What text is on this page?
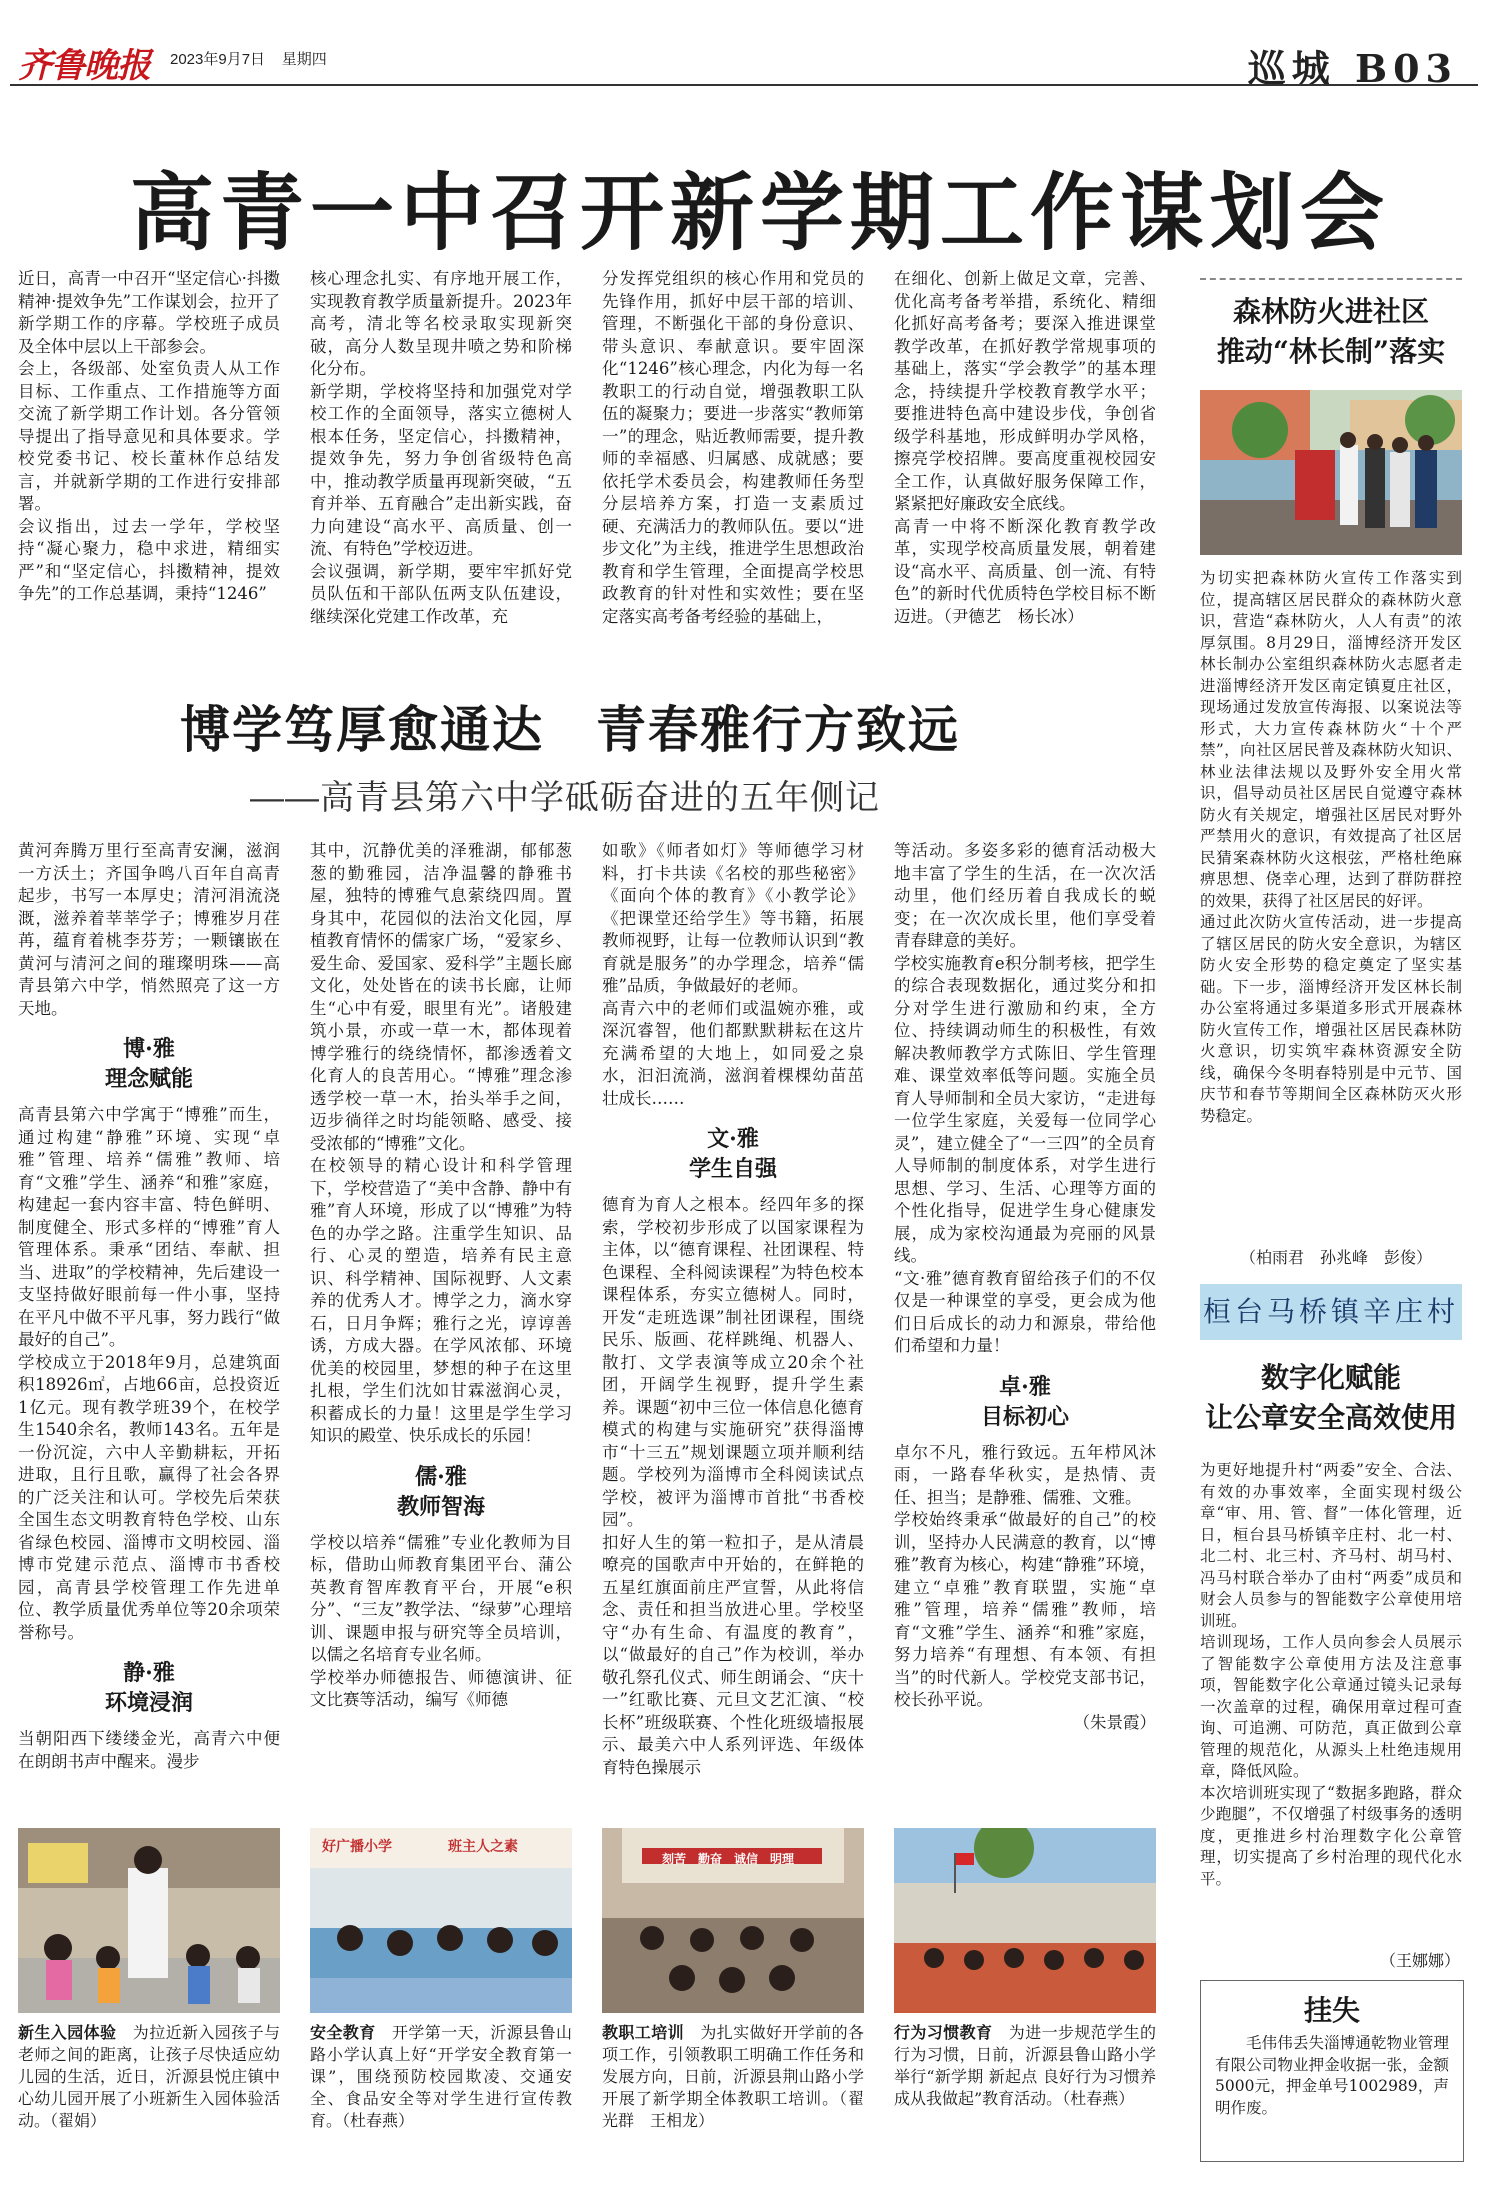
齐鲁晚报 2023年9月7日 星期四	巡城 B03
高青一中召开新学期工作谋划会
近日，高青一中召开“坚定信心·抖擞精神·提效争先”工作谋划会，拉开了新学期工作的序幕。学校班子成员及全体中层以上干部参会。
会上，各级部、处室负责人从工作目标、工作重点、工作措施等方面交流了新学期工作计划。各分管领导提出了指导意见和具体要求。学校党委书记、校长董林作总结发言，并就新学期的工作进行安排部署。
会议指出，过去一学年，学校坚持“凝心聚力，稳中求进，精细实严”和“坚定信心，抖擞精神，提效争先”的工作总基调，秉持“1246”
核心理念扎实、有序地开展工作，实现教育教学质量新提升。2023年高考，清北等名校录取实现新突破，高分人数呈现井喷之势和阶梯化分布。
新学期，学校将坚持和加强党对学校工作的全面领导，落实立德树人根本任务，坚定信心，抖擞精神，提效争先，努力争创省级特色高中，推动教学质量再现新突破，“五育并举、五育融合”走出新实践，奋力向建设“高水平、高质量、创一流、有特色”学校迈进。
会议强调，新学期，要牢牢抓好党员队伍和干部队伍两支队伍建设，继续深化党建工作改革，充
分发挥党组织的核心作用和党员的先锋作用，抓好中层干部的培训、管理，不断强化干部的身份意识、带头意识、奉献意识。要牢固深化“1246”核心理念，内化为每一名教职工的行动自觉，增强教职工队伍的凝聚力；要进一步落实“教师第一”的理念，贴近教师需要，提升教师的幸福感、归属感、成就感；要依托学术委员会，构建教师任务型分层培养方案，打造一支素质过硬、充满活力的教师队伍。要以“进步文化”为主线，推进学生思想政治教育和学生管理，全面提高学校思政教育的针对性和实效性；要在坚定落实高考备考经验的基础上，
在细化、创新上做足文章，完善、优化高考备考举措，系统化、精细化抓好高考备考；要深入推进课堂教学改革，在抓好教学常规事项的基础上，落实“学会教学”的基本理念，持续提升学校教育教学水平；要推进特色高中建设步伐，争创省级学科基地，形成鲜明办学风格，擦亮学校招牌。要高度重视校园安全工作，认真做好服务保障工作，紧紧把好廉政安全底线。
高青一中将不断深化教育教学改革，实现学校高质量发展，朝着建设“高水平、高质量、创一流、有特色”的新时代优质特色学校目标不断迈进。（尹德艺　杨长冰）
博学笃厚愈通达　青春雅行方致远
——高青县第六中学砥砺奋进的五年侧记
黄河奔腾万里行至高青安澜，滋润一方沃土；齐国争鸣八百年自高青起步，书写一本厚史；清河涓流浇溉，滋养着莘莘学子；博雅岁月荏苒，蕴育着桃李芬芳；一颗镶嵌在黄河与清河之间的璀璨明珠——高青县第六中学，悄然照亮了这一方天地。
博·雅
理念赋能
高青县第六中学寓于“博雅”而生，通过构建“静雅”环境、实现“卓雅”管理、培养“儒雅”教师、培育“文雅”学生、涵养“和雅”家庭，构建起一套内容丰富、特色鲜明、制度健全、形式多样的“博雅”育人管理体系。秉承“团结、奉献、担当、进取”的学校精神，先后建设一支坚持做好眼前每一件小事，坚持在平凡中做不平凡事，努力践行“做最好的自己”。
学校成立于2018年9月，总建筑面积18926㎡，占地66亩，总投资近1亿元。现有教学班39个，在校学生1540余名，教师143名。五年是一份沉淀，六中人辛勤耕耘，开拓进取，且行且歌，赢得了社会各界的广泛关注和认可。学校先后荣获全国生态文明教育特色学校、山东省绿色校园、淄博市文明校园、淄博市党建示范点、淄博市书香校园，高青县学校管理工作先进单位、教学质量优秀单位等20余项荣誉称号。
静·雅
环境浸润
当朝阳西下缕缕金光，高青六中便在朗朗书声中醒来。漫步
其中，沉静优美的泽雅湖，郁郁葱葱的勤雅园，洁净温馨的静雅书屋，独特的博雅气息萦绕四周。置身其中，花园似的法治文化园，厚植教育情怀的儒家广场，“爱家乡、爱生命、爱国家、爱科学”主题长廊文化，处处皆在的读书长廊，让师生“心中有爱，眼里有光”。诸般建筑小景，亦或一草一木，都体现着博学雅行的绕绕情怀，都渗透着文化育人的良苦用心。“博雅”理念渗透学校一草一木，抬头举手之间，迈步徜徉之时均能领略、感受、接受浓郁的“博雅”文化。
在校领导的精心设计和科学管理下，学校营造了“美中含静、静中有雅”育人环境，形成了以“博雅”为特色的办学之路。注重学生知识、品行、心灵的塑造，培养有民主意识、科学精神、国际视野、人文素养的优秀人才。博学之力，滴水穿石，日月争辉；雅行之光，谆谆善诱，方成大器。在学风浓郁、环境优美的校园里，梦想的种子在这里扎根，学生们沈如甘霖滋润心灵，积蓄成长的力量！这里是学生学习知识的殿堂、快乐成长的乐园！
儒·雅
教师智海
学校以培养“儒雅”专业化教师为目标，借助山师教育集团平台、蒲公英教育智库教育平台，开展“e积分”、“三友”教学法、“绿萝”心理培训、课题申报与研究等全员培训，以儒之名培育专业名师。
学校举办师德报告、师德演讲、征文比赛等活动，编写《师德
如歌》《师者如灯》等师德学习材料，打卡共读《名校的那些秘密》《面向个体的教育》《小教学论》《把课堂还给学生》等书籍，拓展教师视野，让每一位教师认识到“教育就是服务”的办学理念，培养“儒雅”品质，争做最好的老师。
高青六中的老师们或温婉亦雅，或深沉睿智，他们都默默耕耘在这片充满希望的大地上，如同爱之泉水，汩汩流淌，滋润着棵棵幼苗茁壮成长……
文·雅
学生自强
德育为育人之根本。经四年多的探索，学校初步形成了以国家课程为主体，以“德育课程、社团课程、特色课程、全科阅读课程”为特色校本课程体系，夯实立德树人。同时，开发“走班选课”制社团课程，围绕民乐、版画、花样跳绳、机器人、散打、文学表演等成立20余个社团，开阔学生视野，提升学生素养。课题“初中三位一体信息化德育模式的构建与实施研究”获得淄博市“十三五”规划课题立项并顺利结题。学校列为淄博市全科阅读试点学校，被评为淄博市首批“书香校园”。
扣好人生的第一粒扣子，是从清晨嘹亮的国歌声中开始的，在鲜艳的五星红旗面前庄严宣誓，从此将信念、责任和担当放进心里。学校坚守“办有生命、有温度的教育”，以“做最好的自己”作为校训，举办敬孔祭孔仪式、师生朗诵会、“庆十一”红歌比赛、元旦文艺汇演、“校长杯”班级联赛、个性化班级墙报展示、最美六中人系列评选、年级体育特色操展示
等活动。多姿多彩的德育活动极大地丰富了学生的生活，在一次次活动里，他们经历着自我成长的蜕变；在一次次成长里，他们享受着青春肆意的美好。
学校实施教育e积分制考核，把学生的综合表现数据化，通过奖分和扣分对学生进行激励和约束，全方位、持续调动师生的积极性，有效解决教师教学方式陈旧、学生管理难、课堂效率低等问题。实施全员育人导师制和全员大家访，“走进每一位学生家庭，关爱每一位同学心灵”，建立健全了“一三四”的全员育人导师制的制度体系，对学生进行思想、学习、生活、心理等方面的个性化指导，促进学生身心健康发展，成为家校沟通最为亮丽的风景线。
“文·雅”德育教育留给孩子们的不仅仅是一种课堂的享受，更会成为他们日后成长的动力和源泉，带给他们希望和力量！
卓·雅
目标初心
卓尔不凡，雅行致远。五年栉风沐雨，一路春华秋实，是热情、责任、担当；是静雅、儒雅、文雅。
学校始终秉承“做最好的自己”的校训，坚持办人民满意的教育，以“博雅”教育为核心，构建“静雅”环境，建立“卓雅”教育联盟，实施“卓雅”管理，培养“儒雅”教师，培育“文雅”学生、涵养“和雅”家庭，努力培养“有理想、有本领、有担当”的时代新人。学校党支部书记，校长孙平说。
（朱景霞）
森林防火进社区
推动“林长制”落实
为切实把森林防火宣传工作落实到位，提高辖区居民群众的森林防火意识，营造“森林防火，人人有责”的浓厚氛围。8月29日，淄博经济开发区林长制办公室组织森林防火志愿者走进淄博经济开发区南定镇夏庄社区，现场通过发放宣传海报、以案说法等形式，大力宣传森林防火“十个严禁”，向社区居民普及森林防火知识、林业法律法规以及野外安全用火常识，倡导动员社区居民自觉遵守森林防火有关规定，增强社区居民对野外严禁用火的意识，有效提高了社区居民猜案森林防火这根弦，严格杜绝麻痹思想、侥幸心理，达到了群防群控的效果，获得了社区居民的好评。
通过此次防火宣传活动，进一步提高了辖区居民的防火安全意识，为辖区防火安全形势的稳定奠定了坚实基础。下一步，淄博经济开发区林长制办公室将通过多渠道多形式开展森林防火宣传工作，增强社区居民森林防火意识，切实筑牢森林资源安全防线，确保今冬明春特别是中元节、国庆节和春节等期间全区森林防灭火形势稳定。
（柏雨君　孙兆峰　彭俊）
桓台马桥镇辛庄村
数字化赋能
让公章安全高效使用
为更好地提升村“两委”安全、合法、有效的办事效率，全面实现村级公章“审、用、管、督”一体化管理，近日，桓台县马桥镇辛庄村、北一村、北二村、北三村、齐马村、胡马村、冯马村联合举办了由村“两委”成员和财会人员参与的智能数字公章使用培训班。
培训现场，工作人员向参会人员展示了智能数字公章使用方法及注意事项，智能数字化公章通过镜头记录每一次盖章的过程，确保用章过程可查询、可追溯、可防范，真正做到公章管理的规范化，从源头上杜绝违规用章，降低风险。
本次培训班实现了“数据多跑路，群众少跑腿”，不仅增强了村级事务的透明度，更推进乡村治理数字化公章管理，切实提高了乡村治理的现代化水平。
（王娜娜）
挂失
毛伟伟丢失淄博通乾物业管理有限公司物业押金收据一张，金额5000元，押金单号1002989，声明作废。
好广播小学　　　　班主人之素
刻苦　勤奋　诚信　明理
新生入园体验　 为拉近新入园孩子与老师之间的距离，让孩子尽快适应幼儿园的生活，近日，沂源县悦庄镇中心幼儿园开展了小班新生入园体验活动。（翟娟）
安全教育　 开学第一天，沂源县鲁山路小学认真上好“开学安全教育第一课”，围绕预防校园欺凌、交通安全、食品安全等对学生进行宣传教育。（杜春燕）
教职工培训　 为扎实做好开学前的各项工作，引领教职工明确工作任务和发展方向，日前，沂源县荆山路小学开展了新学期全体教职工培训。（翟光群　王相龙）
行为习惯教育　 为进一步规范学生的行为习惯，日前，沂源县鲁山路小学举行“新学期 新起点 良好行为习惯养成从我做起”教育活动。（杜春燕）
